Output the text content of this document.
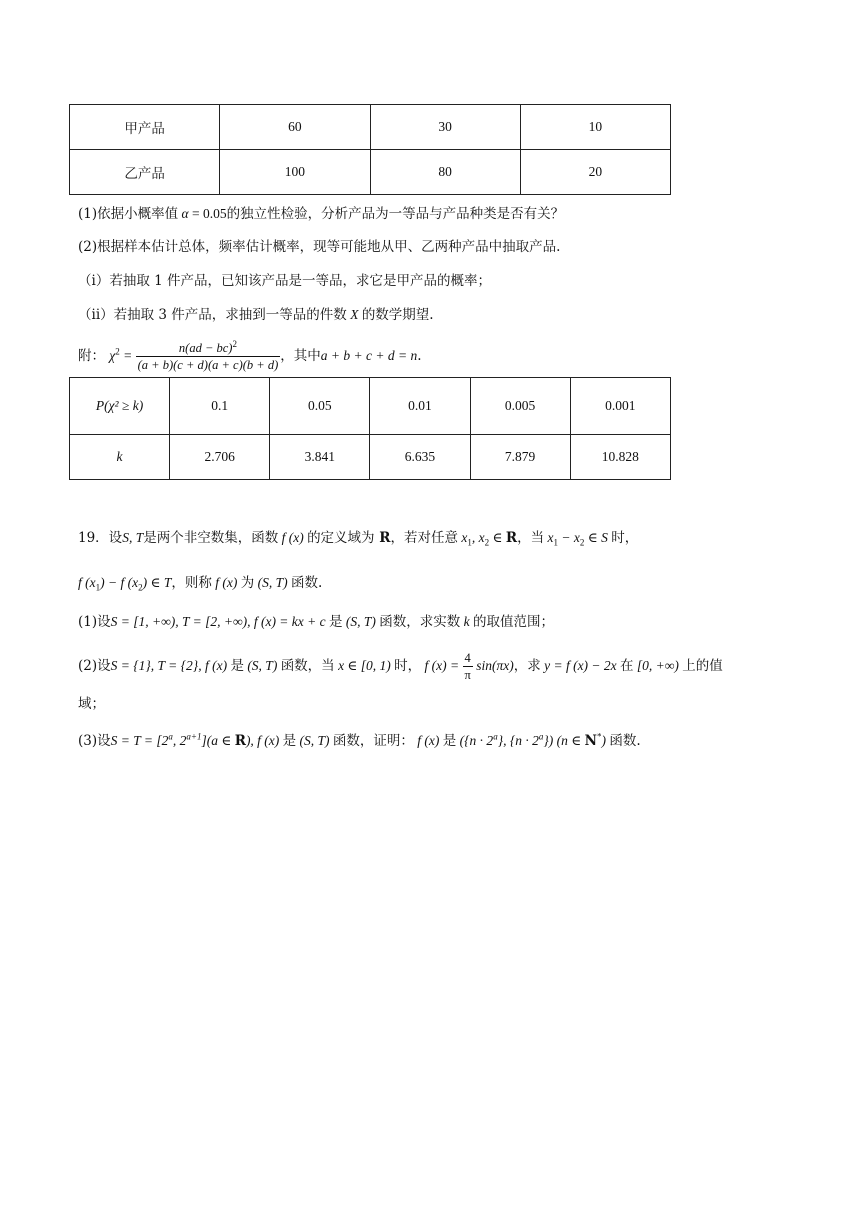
甲产品	60	30	10
乙产品	100	80	20
(1)依据小概率值 α = 0.05的独立性检验，分析产品为一等品与产品种类是否有关？
(2)根据样本估计总体，频率估计概率，现等可能地从甲、乙两种产品中抽取产品.
（i）若抽取 1 件产品，已知该产品是一等品，求它是甲产品的概率；
（ii）若抽取 3 件产品，求抽到一等品的件数 X 的数学期望.
附： $\chi^2 = \frac{n(ad - bc)^2}{(a + b)(c + d)(a + c)(b + d)}$ ，其中a + b + c + d = n.
P(χ² ≥ k)	0.1	0.05	0.01	0.005	0.001
k	2.706	3.841	6.635	7.879	10.828
19．设S, T是两个非空数集，函数 f (x) 的定义域为 R，若对任意 $x_1$, $x_2$ ∈ R，当 $x_1 - x_2$ ∈ S 时，
f $(x_1) - f$ $(x_2)$ ∈ T，则称 f (x) 为 (S, T) 函数.
(1)设S = [1, +∞), T = [2, +∞), f (x) = kx + c 是 (S, T) 函数，求实数 k 的取值范围；
(2)设S = {1}, T = {2}, f (x) 是 (S, T) 函数，当 x ∈ [0, 1) 时， f $(x) = \frac{4}{\pi} \sin(\pi x)$，求 y = f (x) − 2x 在 [0, +∞) 上的值
域；
(3)设$S = T = [2^a$, $2^{a+1}](a$ ∈ R), f (x) 是 (S, T) 函数，证明： f (x) 是 ($\{n \cdot 2^a\}$, $\{n \cdot 2^a\}$) (n ∈ N*) 函数.
